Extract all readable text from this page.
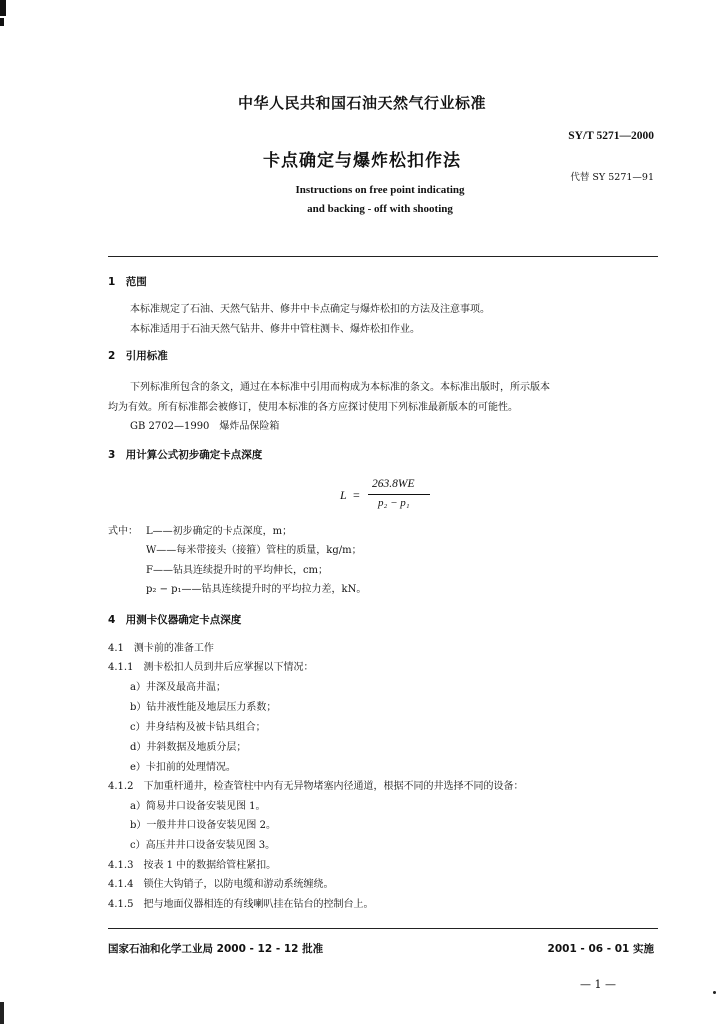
中华人民共和国石油天然气行业标准
SY/T 5271—2000
卡点确定与爆炸松扣作法
代替 SY 5271—91
Instructions on free point indicating
and backing - off with shooting
1　范围
本标准规定了石油、天然气钻井、修井中卡点确定与爆炸松扣的方法及注意事项。
本标准适用于石油天然气钻井、修井中管柱测卡、爆炸松扣作业。
2　引用标准
下列标准所包含的条文，通过在本标准中引用而构成为本标准的条文。本标准出版时，所示版本
均为有效。所有标准都会被修订，使用本标准的各方应探讨使用下列标准最新版本的可能性。
GB 2702—1990　爆炸品保险箱
3　用计算公式初步确定卡点深度
L =
263.8WE
p₂ − p₁
式中： L——初步确定的卡点深度，m；
W——每米带接头（接箍）管柱的质量，kg/m；
F——钻具连续提升时的平均伸长，cm；
p₂ − p₁——钻具连续提升时的平均拉力差，kN。
4　用测卡仪器确定卡点深度
4.1　测卡前的准备工作
4.1.1　测卡松扣人员到井后应掌握以下情况：
a）井深及最高井温；
b）钻井液性能及地层压力系数；
c）井身结构及被卡钻具组合；
d）井斜数据及地质分层；
e）卡扣前的处理情况。
4.1.2　下加重杆通井，检查管柱中内有无异物堵塞内径通道，根据不同的井选择不同的设备：
a）简易井口设备安装见图 1。
b）一般井井口设备安装见图 2。
c）高压井井口设备安装见图 3。
4.1.3　按表 1 中的数据给管柱紧扣。
4.1.4　锁住大钩销子，以防电缆和游动系统缠绕。
4.1.5　把与地面仪器相连的有线喇叭挂在钻台的控制台上。
国家石油和化学工业局 2000 - 12 - 12 批准	2001 - 06 - 01 实施
— 1 —
